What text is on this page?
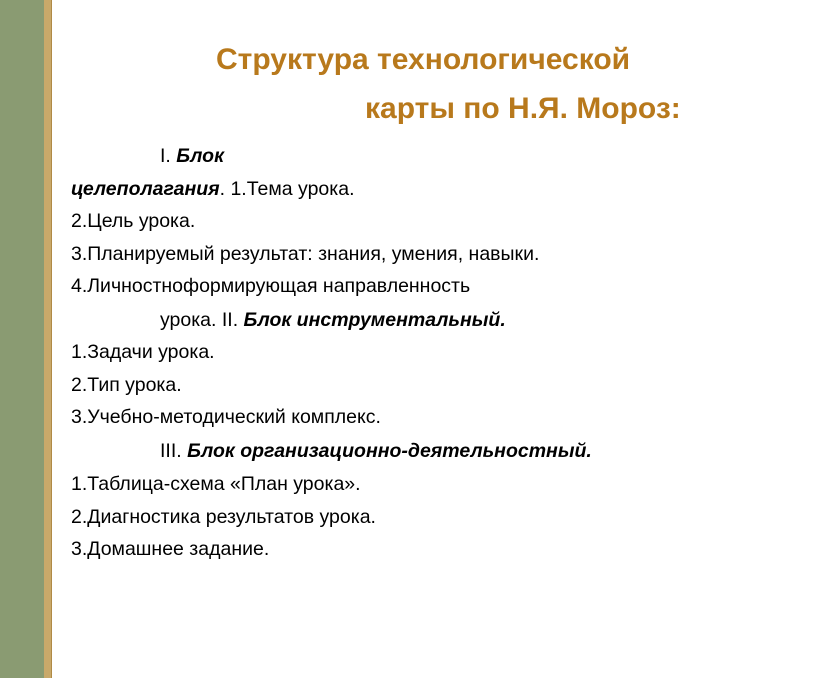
Структура технологической
карты по Н.Я. Мороз:
I. Блок
целеполагания. 1.Тема урока.
2.Цель урока.
3.Планируемый результат: знания, умения, навыки.
4.Личностноформирующая направленность
урока. II. Блок инструментальный.
1.Задачи урока.
2.Тип урока.
3.Учебно-методический комплекс.
III. Блок организационно-деятельностный.
1.Таблица-схема «План урока».
2.Диагностика результатов урока.
3.Домашнее задание.
